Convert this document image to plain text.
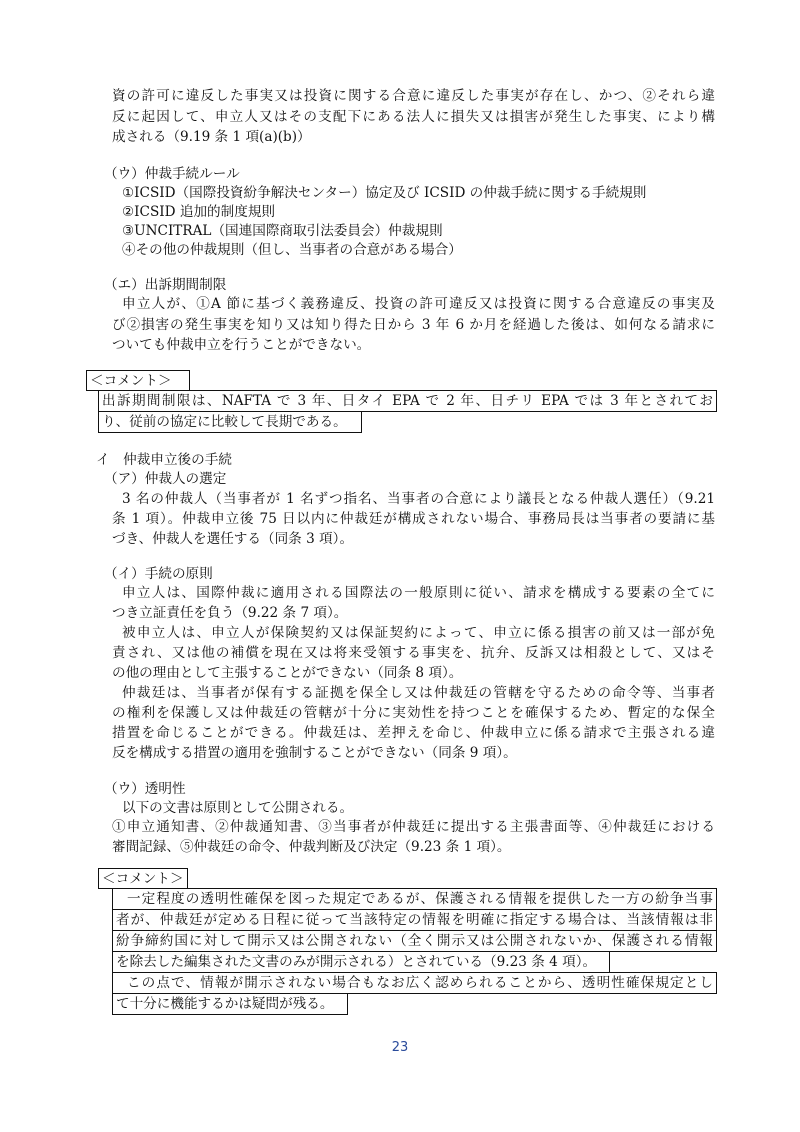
資の許可に違反した事実又は投資に関する合意に違反した事実が存在し、かつ、②それら違
反に起因して、申立人又はその支配下にある法人に損失又は損害が発生した事実、により構
成される（9.19 条 1 項(a)(b)）
（ウ）仲裁手続ルール
①ICSID（国際投資紛争解決センター）協定及び ICSID の仲裁手続に関する手続規則
②ICSID 追加的制度規則
③UNCITRAL（国連国際商取引法委員会）仲裁規則
④その他の仲裁規則（但し、当事者の合意がある場合）
（エ）出訴期間制限
申立人が、①A 節に基づく義務違反、投資の許可違反又は投資に関する合意違反の事実及
び②損害の発生事実を知り又は知り得た日から 3 年 6 か月を経過した後は、如何なる請求に
ついても仲裁申立を行うことができない。
＜コメント＞
出訴期間制限は、NAFTA で 3 年、日タイ EPA で 2 年、日チリ EPA では 3 年とされてお
り、従前の協定に比較して長期である。
イ　仲裁申立後の手続
（ア）仲裁人の選定
3 名の仲裁人（当事者が 1 名ずつ指名、当事者の合意により議長となる仲裁人選任）（9.21
条 1 項）。仲裁申立後 75 日以内に仲裁廷が構成されない場合、事務局長は当事者の要請に基
づき、仲裁人を選任する（同条 3 項）。
（イ）手続の原則
申立人は、国際仲裁に適用される国際法の一般原則に従い、請求を構成する要素の全てに
つき立証責任を負う（9.22 条 7 項）。
被申立人は、申立人が保険契約又は保証契約によって、申立に係る損害の前又は一部が免
責され、又は他の補償を現在又は将来受領する事実を、抗弁、反訴又は相殺として、又はそ
の他の理由として主張することができない（同条 8 項）。
仲裁廷は、当事者が保有する証拠を保全し又は仲裁廷の管轄を守るための命令等、当事者
の権利を保護し又は仲裁廷の管轄が十分に実効性を持つことを確保するため、暫定的な保全
措置を命じることができる。仲裁廷は、差押えを命じ、仲裁申立に係る請求で主張される違
反を構成する措置の適用を強制することができない（同条 9 項）。
（ウ）透明性
以下の文書は原則として公開される。
①申立通知書、②仲裁通知書、③当事者が仲裁廷に提出する主張書面等、④仲裁廷における
審間記録、⑤仲裁廷の命令、仲裁判断及び決定（9.23 条 1 項）。
＜コメント＞
一定程度の透明性確保を図った規定であるが、保護される情報を提供した一方の紛争当事
者が、仲裁廷が定める日程に従って当該特定の情報を明確に指定する場合は、当該情報は非
紛争締約国に対して開示又は公開されない（全く開示又は公開されないか、保護される情報
を除去した編集された文書のみが開示される）とされている（9.23 条 4 項）。
この点で、情報が開示されない場合もなお広く認められることから、透明性確保規定とし
て十分に機能するかは疑問が残る。
23
